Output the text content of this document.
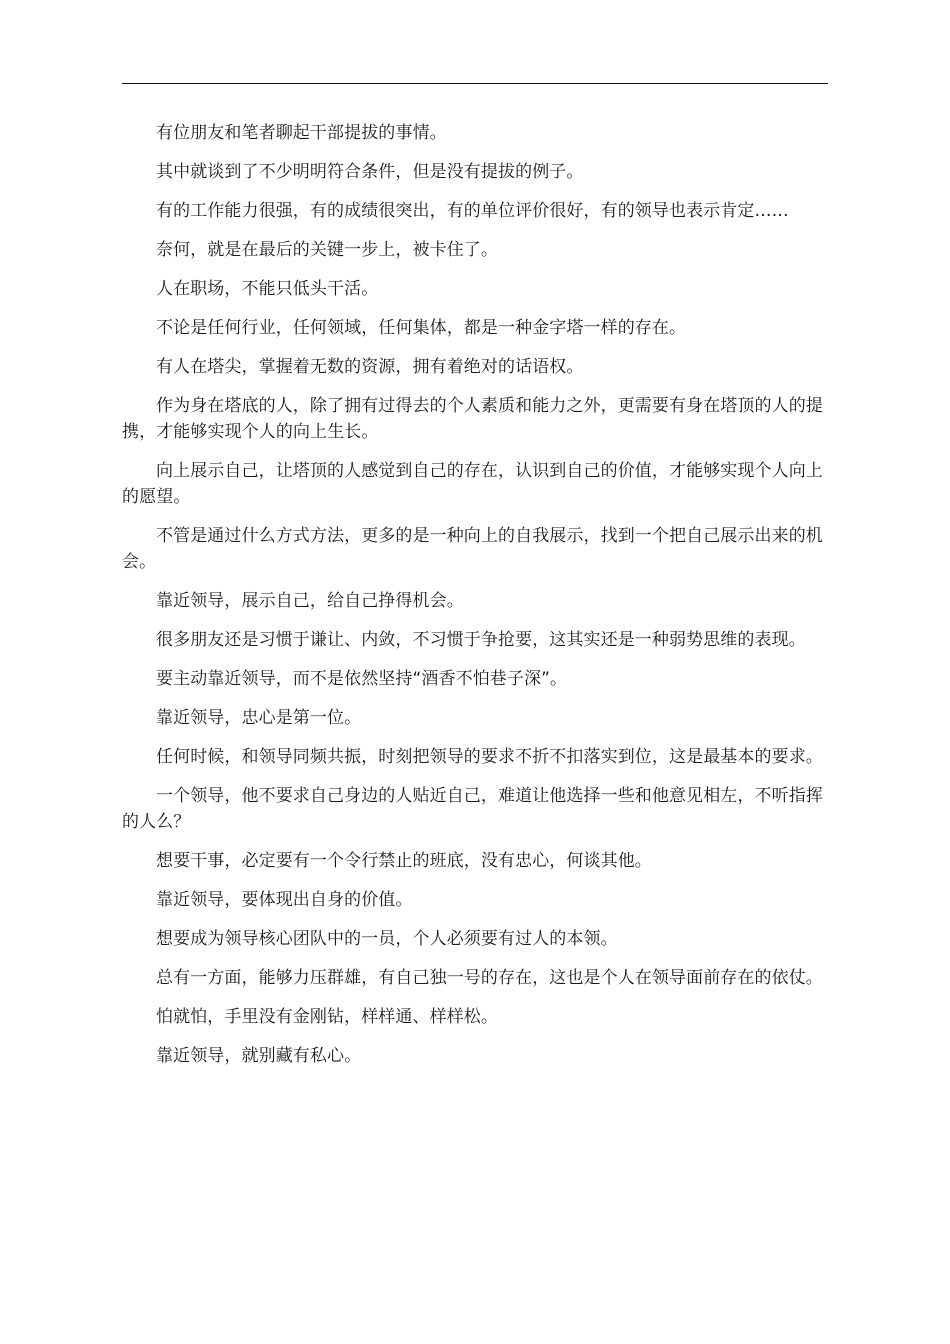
有位朋友和笔者聊起干部提拔的事情。

其中就谈到了不少明明符合条件，但是没有提拔的例子。

有的工作能力很强，有的成绩很突出，有的单位评价很好，有的领导也表示肯定……

奈何，就是在最后的关键一步上，被卡住了。

人在职场，不能只低头干活。

不论是任何行业，任何领域，任何集体，都是一种金字塔一样的存在。

有人在塔尖，掌握着无数的资源，拥有着绝对的话语权。

作为身在塔底的人，除了拥有过得去的个人素质和能力之外，更需要有身在塔顶的人的提携，才能够实现个人的向上生长。

向上展示自己，让塔顶的人感觉到自己的存在，认识到自己的价值，才能够实现个人向上的愿望。

不管是通过什么方式方法，更多的是一种向上的自我展示，找到一个把自己展示出来的机会。

靠近领导，展示自己，给自己挣得机会。

很多朋友还是习惯于谦让、内敛，不习惯于争抢要，这其实还是一种弱势思维的表现。

要主动靠近领导，而不是依然坚持“酒香不怕巷子深”。

靠近领导，忠心是第一位。

任何时候，和领导同频共振，时刻把领导的要求不折不扣落实到位，这是最基本的要求。

一个领导，他不要求自己身边的人贴近自己，难道让他选择一些和他意见相左，不听指挥的人么？

想要干事，必定要有一个令行禁止的班底，没有忠心，何谈其他。

靠近领导，要体现出自身的价值。

想要成为领导核心团队中的一员，个人必须要有过人的本领。

总有一方面，能够力压群雄，有自己独一号的存在，这也是个人在领导面前存在的依仗。

怕就怕，手里没有金刚钻，样样通、样样松。

靠近领导，就别藏有私心。
